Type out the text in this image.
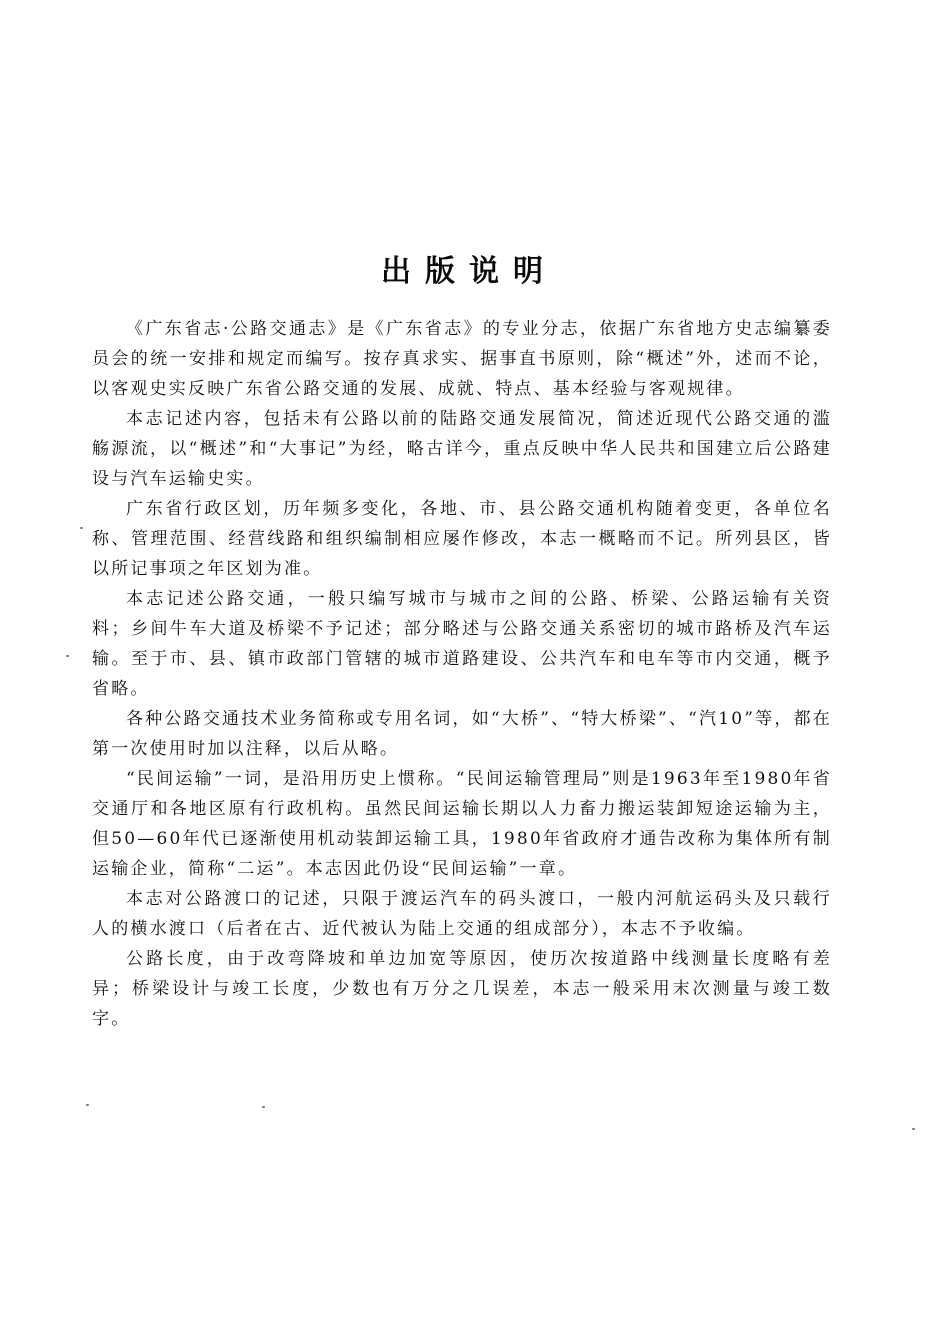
出版说明

《广东省志·公路交通志》是《广东省志》的专业分志，依据广东省地方史志编纂委员会的统一安排和规定而编写。按存真求实、据事直书原则，除“概述”外，述而不论，以客观史实反映广东省公路交通的发展、成就、特点、基本经验与客观规律。

本志记述内容，包括未有公路以前的陆路交通发展简况，简述近现代公路交通的滥觞源流，以“概述”和“大事记”为经，略古详今，重点反映中华人民共和国建立后公路建设与汽车运输史实。

广东省行政区划，历年频多变化，各地、市、县公路交通机构随着变更，各单位名称、管理范围、经营线路和组织编制相应屡作修改，本志一概略而不记。所列县区，皆以所记事项之年区划为准。

本志记述公路交通，一般只编写城市与城市之间的公路、桥梁、公路运输有关资料；乡间牛车大道及桥梁不予记述；部分略述与公路交通关系密切的城市路桥及汽车运输。至于市、县、镇市政部门管辖的城市道路建设、公共汽车和电车等市内交通，概予省略。

各种公路交通技术业务简称或专用名词，如“大桥”、“特大桥梁”、“汽10”等，都在第一次使用时加以注释，以后从略。

“民间运输”一词，是沿用历史上惯称。“民间运输管理局”则是1963年至1980年省交通厅和各地区原有行政机构。虽然民间运输长期以人力畜力搬运装卸短途运输为主，但50—60年代已逐渐使用机动装卸运输工具，1980年省政府才通告改称为集体所有制运输企业，简称“二运”。本志因此仍设“民间运输”一章。

本志对公路渡口的记述，只限于渡运汽车的码头渡口，一般内河航运码头及只载行人的横水渡口（后者在古、近代被认为陆上交通的组成部分），本志不予收编。

公路长度，由于改弯降坡和单边加宽等原因，使历次按道路中线测量长度略有差异；桥梁设计与竣工长度，少数也有万分之几误差，本志一般采用末次测量与竣工数字。
